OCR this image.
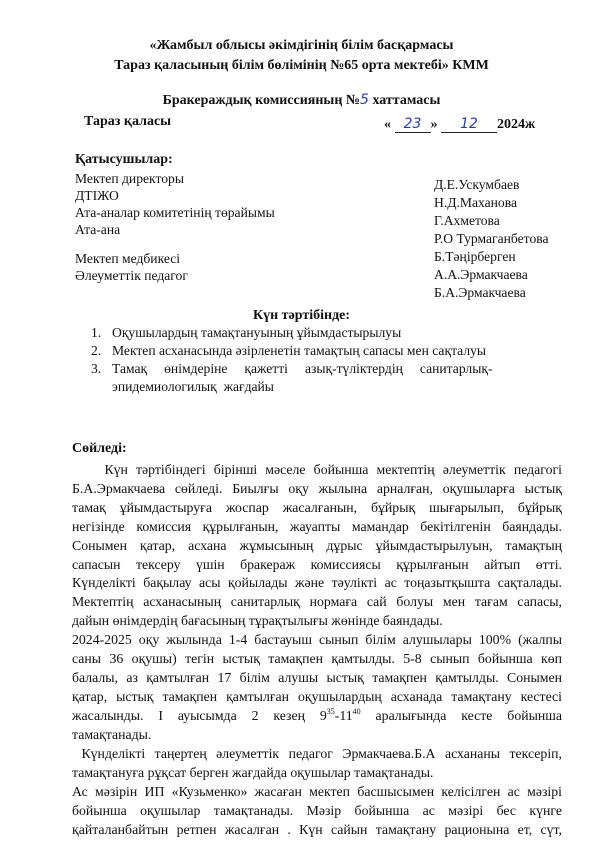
«Жамбыл облысы әкімдігінің білім басқармасы
Тараз қаласының білім бөлімінің №65 орта мектебі» КММ
Бракераждық комиссияның №5 хаттамасы
Тараз қаласы	« 23 » 12 2024ж
Қатысушылар:
Мектеп директоры
ДТІЖО
Ата-аналар комитетінің төрайымы
Ата-ана
Мектеп медбикесі
Әлеуметтік педагог
Д.Е.Ускумбаев
Н.Д.Маханова
Г.Ахметова
Р.О Турмаганбетова
Б.Тәңірберген
А.А.Эрмакчаева
Б.А.Эрмакчаева
Күн тәртібінде:
1. Оқушылардың тамақтануының ұйымдастырылуы
2. Мектеп асханасында әзірленетін тамақтың сапасы мен сақталуы
3. Тамақ     өнімдеріне     қажетті     азық-түліктердің     санитарлық-
эпидемиологилық  жағдайы
Сөйледі:
Күн тәртібіндегі бірінші мәселе бойынша мектептің әлеуметтік педагогі
Б.А.Эрмакчаева сөйледі. Биылғы оқу жылына арналған, оқушыларға ыстық
тамақ ұйымдастыруға жоспар жасалғанын, бұйрық шығарылып, бұйрық
негізінде комиссия құрылғанын, жауапты мамандар бекітілгенін баяндады.
Сонымен қатар, асхана жұмысының дұрыс ұйымдастырылуын, тамақтың
сапасын тексеру үшін бракераж комиссиясы құрылғанын айтып өтті.
Күнделікті бақылау асы қойылады және тәулікті ас тоңазытқышта сақталады.
Мектептің асханасының санитарлық нормаға сай болуы мен тағам сапасы,
дайын өнімдердің бағасының тұрақтылығы жөнінде баяндады.
2024-2025 оқу жылында 1-4 бастауыш сынып білім алушылары 100% (жалпы
саны 36 оқушы) тегін ыстық тамақпен қамтылды. 5-8 сынып бойынша көп
балалы, аз қамтылған 17 білім алушы ыстық тамақпен қамтылды. Сонымен
қатар, ыстық тамақпен қамтылған оқушылардың асханада тамақтану кестесі
жасалынды. І ауысымда 2 кезең $9^{35}-11^{40}$ аралығында кесте бойынша
тамақтанады.
Күнделікті таңертең әлеуметтік педагог Эрмакчаева.Б.А асхананы тексеріп,
тамақтануға рұқсат берген жағдайда оқушылар тамақтанады.
Ас мәзірін ИП «Кузьменко» жасаған мектеп басшысымен келісілген ас мәзірі
бойынша оқушылар тамақтанады. Мәзір бойынша ас мәзірі бес күнге
қайталанбайтын ретпен жасалған . Күн сайын тамақтану рационына ет, сүт,
